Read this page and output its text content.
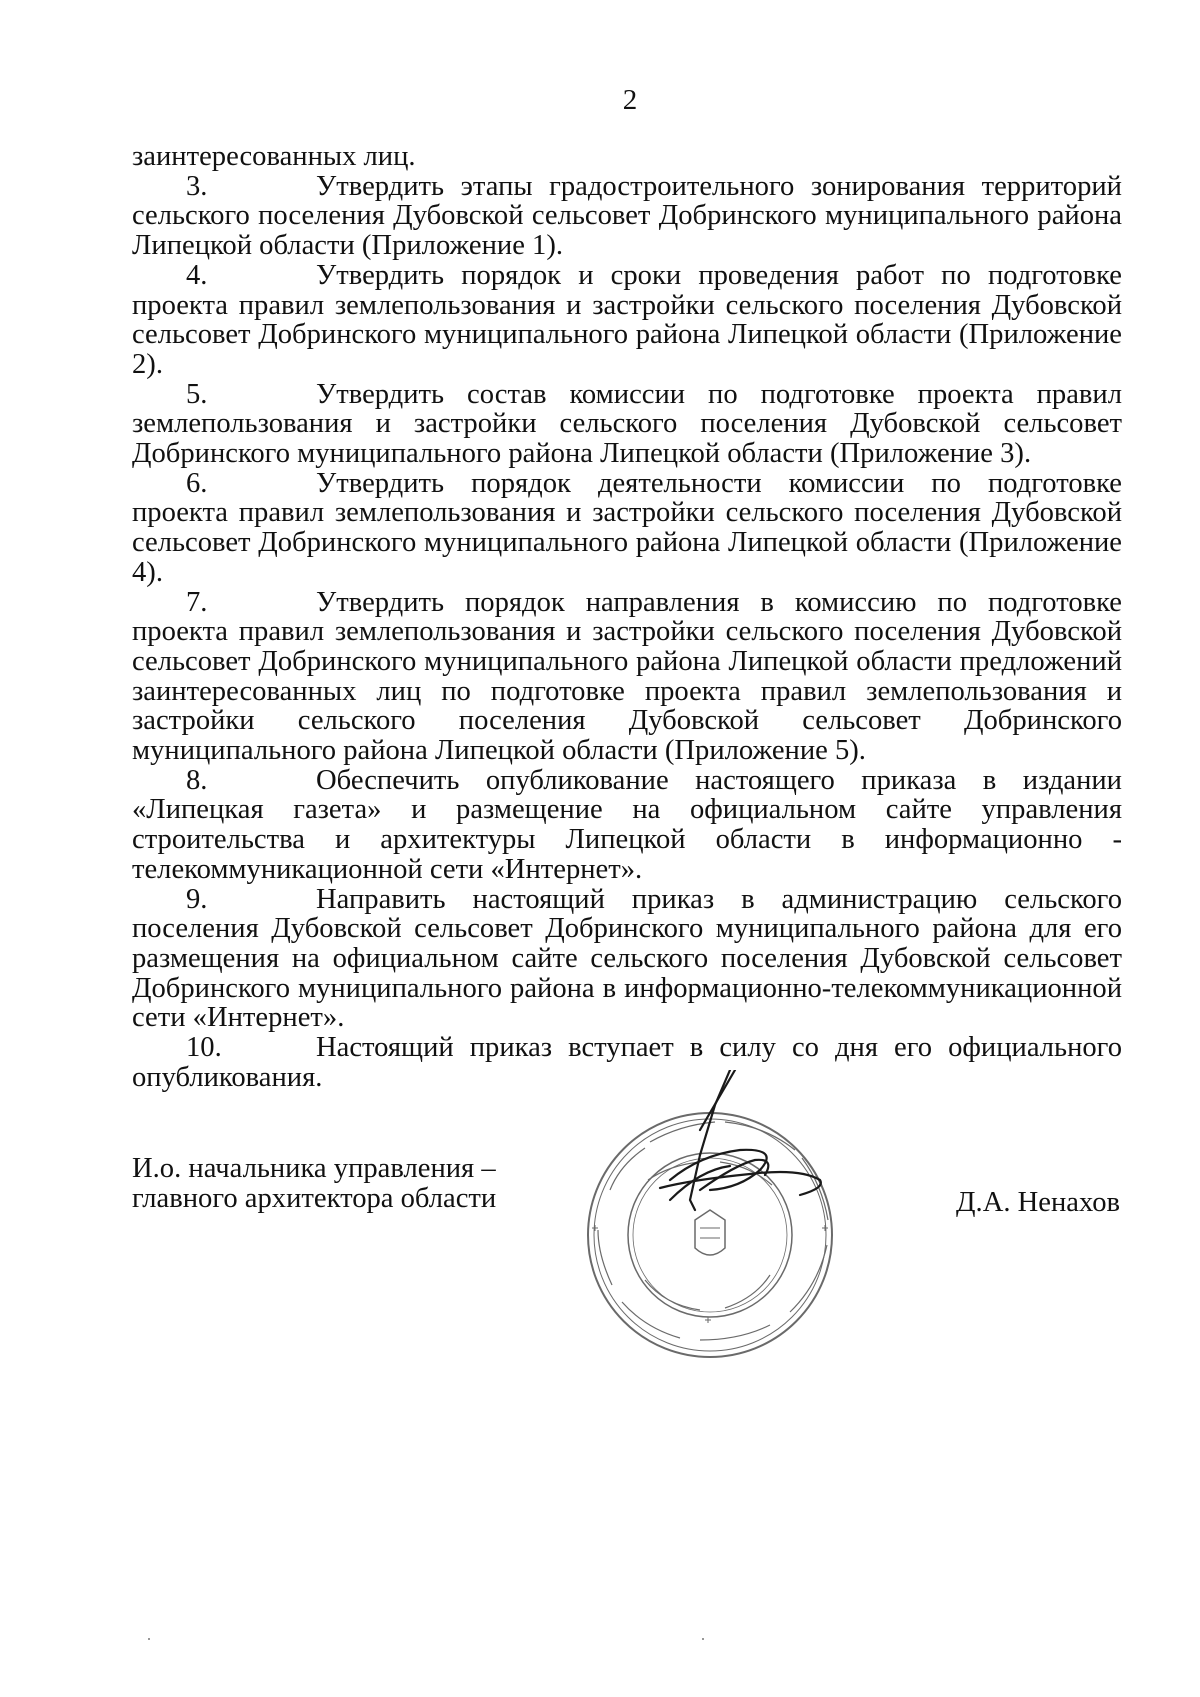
2

заинтересованных лиц.

3.	Утвердить этапы градостроительного зонирования территорий сельского поселения Дубовской сельсовет Добринского муниципального района Липецкой области (Приложение 1).

4.	Утвердить порядок и сроки проведения работ по подготовке проекта правил землепользования и застройки сельского поселения Дубовской сельсовет Добринского муниципального района Липецкой области (Приложение 2).

5.	Утвердить состав комиссии по подготовке проекта правил землепользования и застройки сельского поселения Дубовской сельсовет Добринского муниципального района Липецкой области (Приложение 3).

6.	Утвердить порядок деятельности комиссии по подготовке проекта правил землепользования и застройки сельского поселения Дубовской сельсовет Добринского муниципального района Липецкой области (Приложение 4).

7.	Утвердить порядок направления в комиссию по подготовке проекта правил землепользования и застройки сельского поселения Дубовской сельсовет Добринского муниципального района Липецкой области предложений заинтересованных лиц по подготовке проекта правил землепользования и застройки сельского поселения Дубовской сельсовет Добринского муниципального района Липецкой области (Приложение 5).

8.	Обеспечить опубликование настоящего приказа в издании «Липецкая газета» и размещение на официальном сайте управления строительства и архитектуры Липецкой области в информационно - телекоммуникационной сети «Интернет».

9.	Направить настоящий приказ в администрацию сельского поселения Дубовской сельсовет Добринского муниципального района для его размещения на официальном сайте сельского поселения Дубовской сельсовет Добринского муниципального района в информационно-телекоммуникационной сети «Интернет».

10.	Настоящий приказ вступает в силу со дня его официального опубликования.

И.о. начальника управления –
главного архитектора области	Д.А. Ненахов
